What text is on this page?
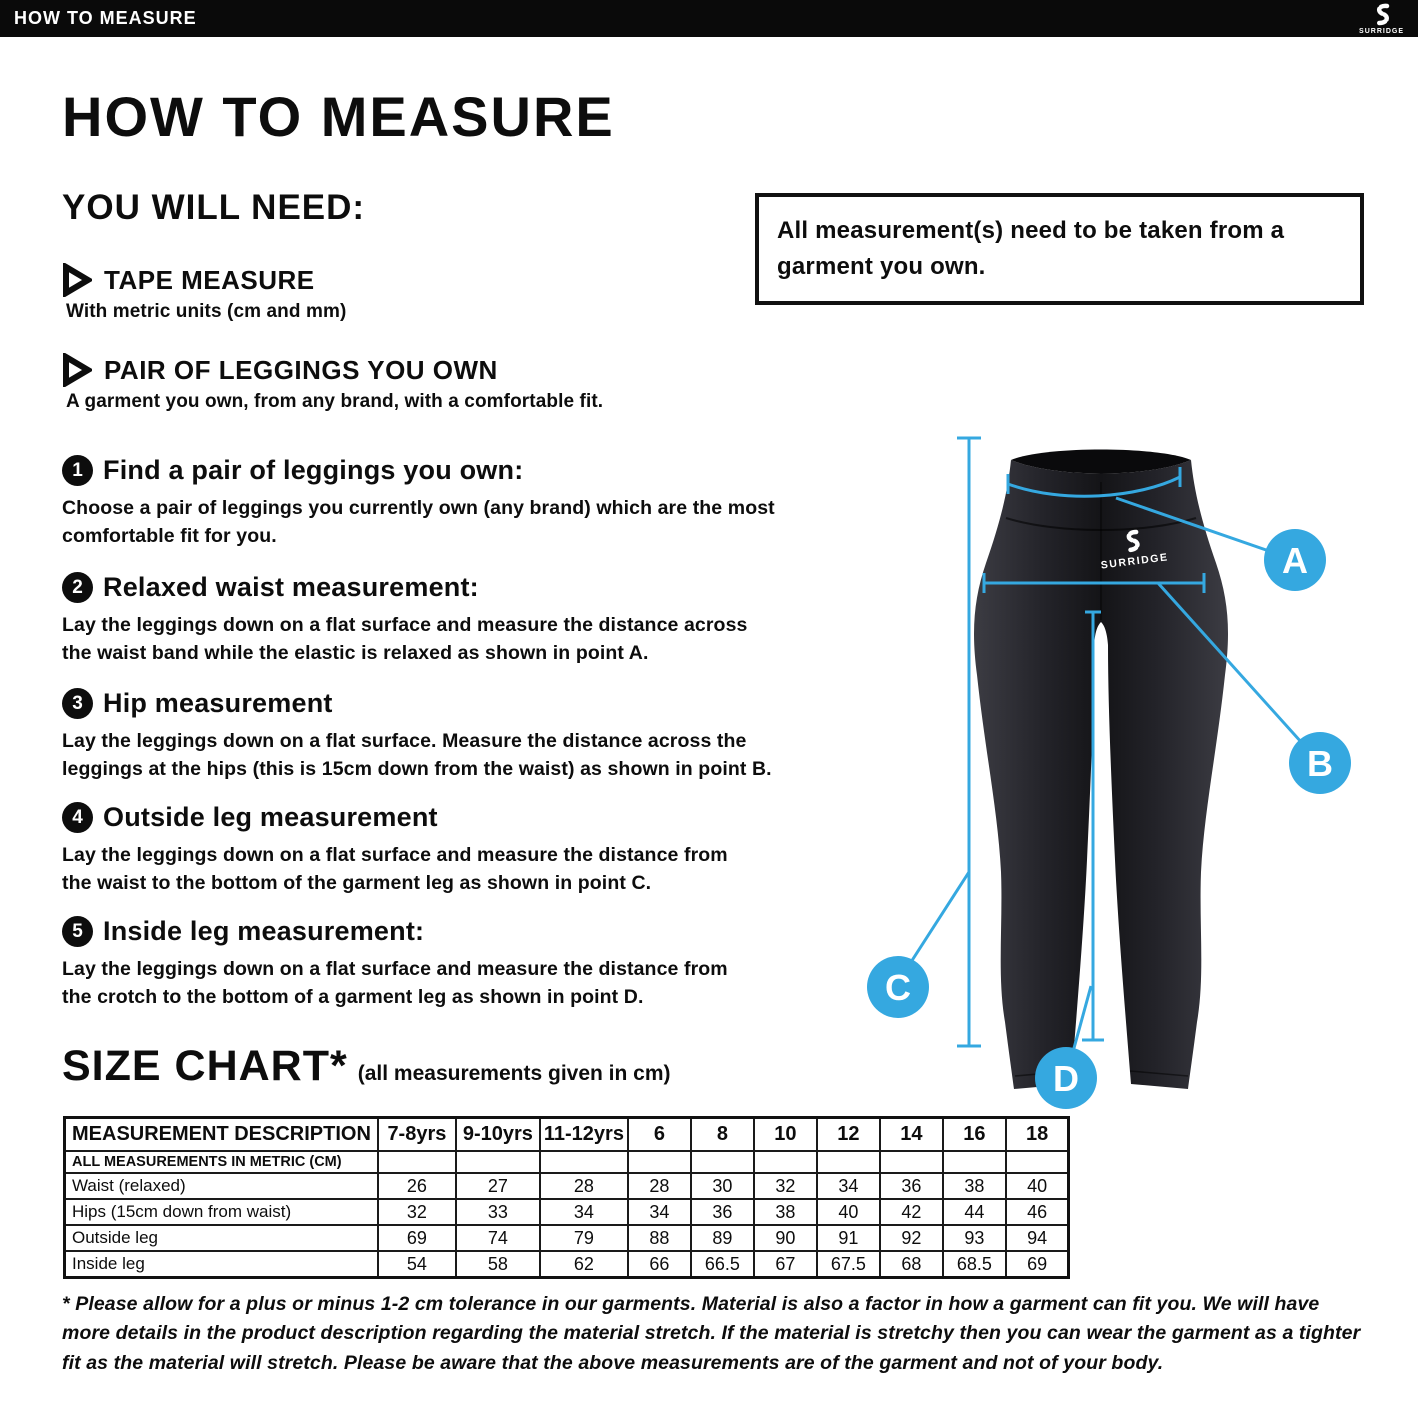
HOW TO MEASURE
SURRIDGE
HOW TO MEASURE
YOU WILL NEED:
TAPE MEASURE
With metric units (cm and mm)
PAIR OF LEGGINGS YOU OWN
A garment you own, from any brand, with a comfortable fit.
All measurement(s) need to be taken from a garment you own.
1 Find a pair of leggings you own:
Choose a pair of leggings you currently own (any brand) which are the most comfortable fit for you.
2 Relaxed waist measurement:
Lay the leggings down on a flat surface and measure the distance across the waist band while the elastic is relaxed as shown in point A.
3 Hip measurement
Lay the leggings down on a flat surface. Measure the distance across the leggings at the hips (this is 15cm down from the waist) as shown in point B.
4 Outside leg measurement
Lay the leggings down on a flat surface and measure the distance from the waist to the bottom of the garment leg as shown in point C.
5 Inside leg measurement:
Lay the leggings down on a flat surface and measure the distance from the crotch to the bottom of a garment leg as shown in point D.
SURRIDGE	A
B
C
D
SIZE CHART* (all measurements given in cm)
MEASUREMENT DESCRIPTION	7-8yrs	9-10yrs	11-12yrs	6	8	10	12	14	16	18
ALL MEASUREMENTS IN METRIC (CM)										
Waist (relaxed)	26	27	28	28	30	32	34	36	38	40
Hips (15cm down from waist)	32	33	34	34	36	38	40	42	44	46
Outside leg	69	74	79	88	89	90	91	92	93	94
Inside leg	54	58	62	66	66.5	67	67.5	68	68.5	69
* Please allow for a plus or minus 1-2 cm tolerance in our garments. Material is also a factor in how a garment can fit you. We will have more details in the product description regarding the material stretch. If the material is stretchy then you can wear the garment as a tighter fit as the material will stretch. Please be aware that the above measurements are of the garment and not of your body.
